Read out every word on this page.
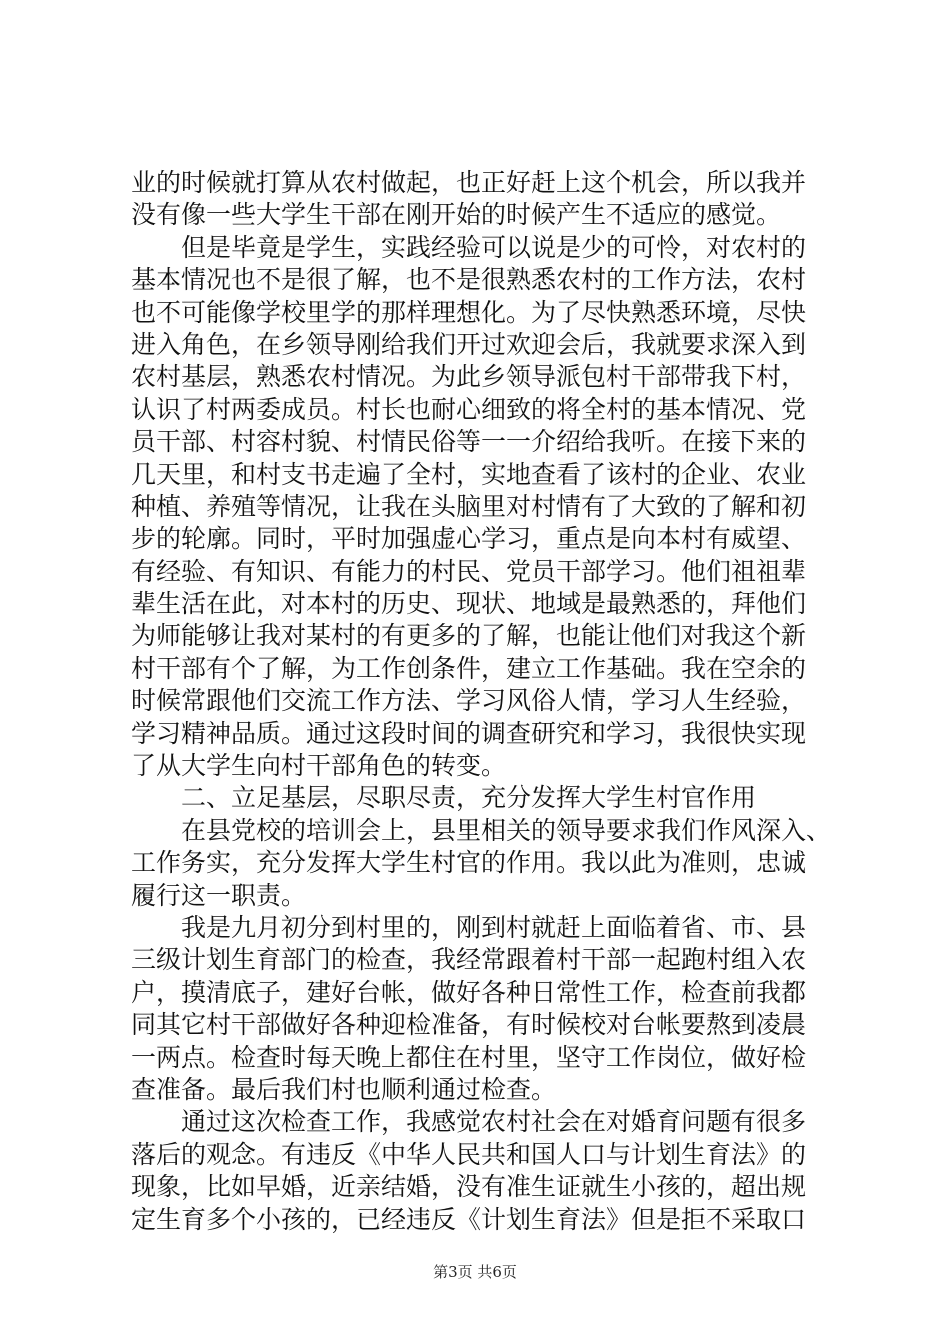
业的时候就打算从农村做起，也正好赶上这个机会，所以我并
没有像一些大学生干部在刚开始的时候产生不适应的感觉。
但是毕竟是学生，实践经验可以说是少的可怜，对农村的
基本情况也不是很了解，也不是很熟悉农村的工作方法，农村
也不可能像学校里学的那样理想化。为了尽快熟悉环境，尽快
进入角色，在乡领导刚给我们开过欢迎会后，我就要求深入到
农村基层，熟悉农村情况。为此乡领导派包村干部带我下村，
认识了村两委成员。村长也耐心细致的将全村的基本情况、党
员干部、村容村貌、村情民俗等一一介绍给我听。在接下来的
几天里，和村支书走遍了全村，实地查看了该村的企业、农业
种植、养殖等情况，让我在头脑里对村情有了大致的了解和初
步的轮廓。同时，平时加强虚心学习，重点是向本村有威望、
有经验、有知识、有能力的村民、党员干部学习。他们祖祖辈
辈生活在此，对本村的历史、现状、地域是最熟悉的，拜他们
为师能够让我对某村的有更多的了解，也能让他们对我这个新
村干部有个了解，为工作创条件，建立工作基础。我在空余的
时候常跟他们交流工作方法、学习风俗人情，学习人生经验，
学习精神品质。通过这段时间的调查研究和学习，我很快实现
了从大学生向村干部角色的转变。
二、立足基层，尽职尽责，充分发挥大学生村官作用
在县党校的培训会上，县里相关的领导要求我们作风深入、
工作务实，充分发挥大学生村官的作用。我以此为准则，忠诚
履行这一职责。
我是九月初分到村里的，刚到村就赶上面临着省、市、县
三级计划生育部门的检查，我经常跟着村干部一起跑村组入农
户，摸清底子，建好台帐，做好各种日常性工作，检查前我都
同其它村干部做好各种迎检准备，有时候校对台帐要熬到凌晨
一两点。检查时每天晚上都住在村里，坚守工作岗位，做好检
查准备。最后我们村也顺利通过检查。
通过这次检查工作，我感觉农村社会在对婚育问题有很多
落后的观念。有违反《中华人民共和国人口与计划生育法》的
现象，比如早婚，近亲结婚，没有准生证就生小孩的，超出规
定生育多个小孩的，已经违反《计划生育法》但是拒不采取口
第3页 共6页
